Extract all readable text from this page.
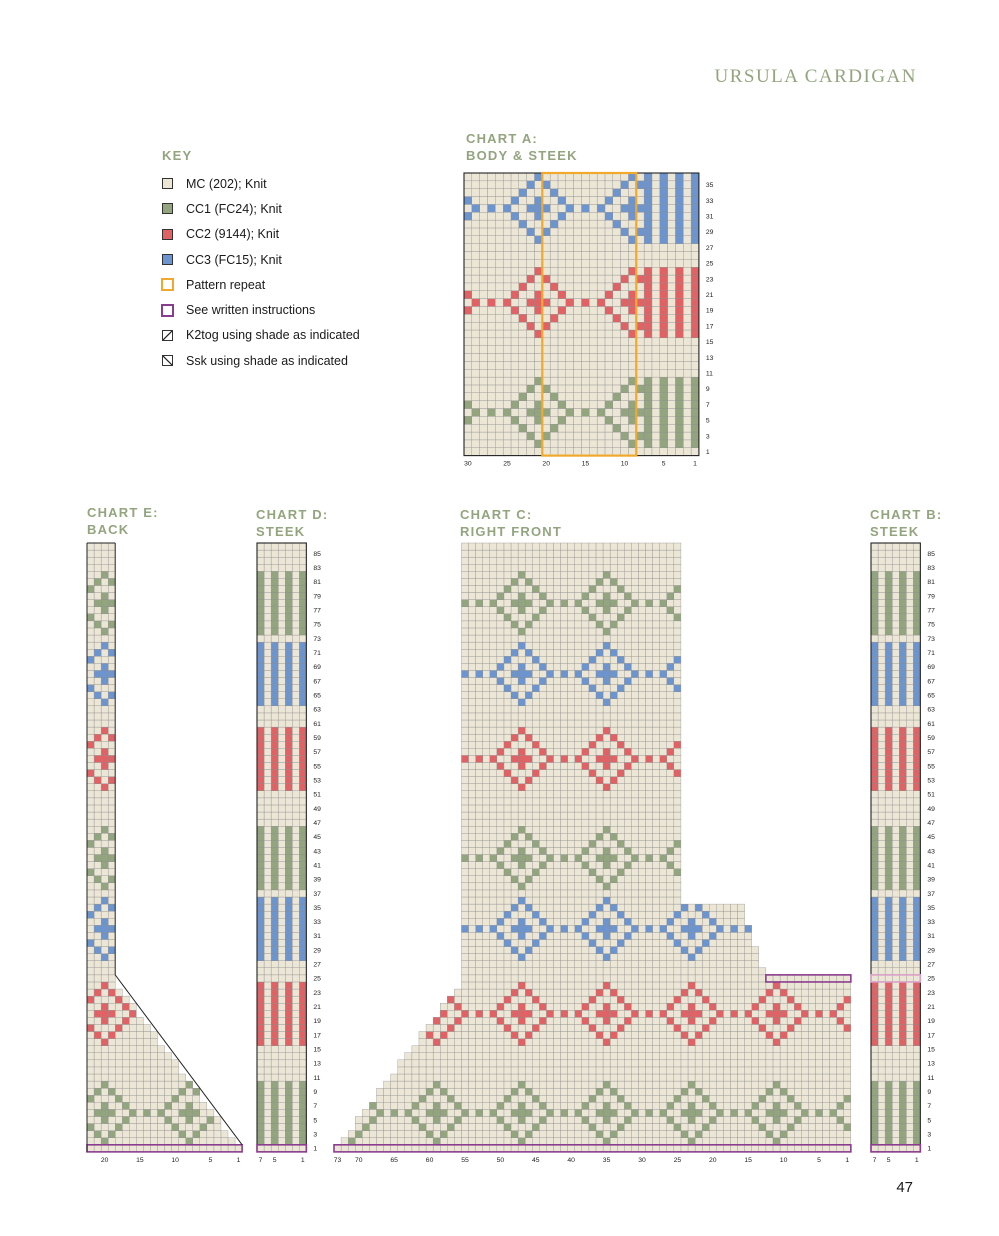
URSULA CARDIGAN
KEY
MC (202); Knit
CC1 (FC24); Knit
CC2 (9144); Knit
CC3 (FC15); Knit
Pattern repeat
See written instructions
K2tog using shade as indicated
Ssk using shade as indicated
CHART A:
BODY & STEEK
CHART E:
BACK
CHART D:
STEEK
CHART C:
RIGHT FRONT
CHART B:
STEEK
35
33
31
29
27
25
23
21
19
17
15
13
11
9
7
5
3
1
30	25	20	15	10	5	1
20	15	10	5	1
85
83
81
79
77
75
73
71
69
67
65
63
61
59
57
55
53
51
49
47
45
43
41
39
37
35
33
31
29
27
25
23
21
19
17
15
13
11
9
7
5
3
1
7 5	1	73 70	65	60	55	50	45	40	35	30	25	20	15	10	5	1
85
83
81
79
77
75
73
71
69
67
65
63
61
59
57
55
53
51
49
47
45
43
41
39
37
35
33
31
29
27
25
23
21
19
17
15
13
11
9
7
5
3
1
7 5	1
47
